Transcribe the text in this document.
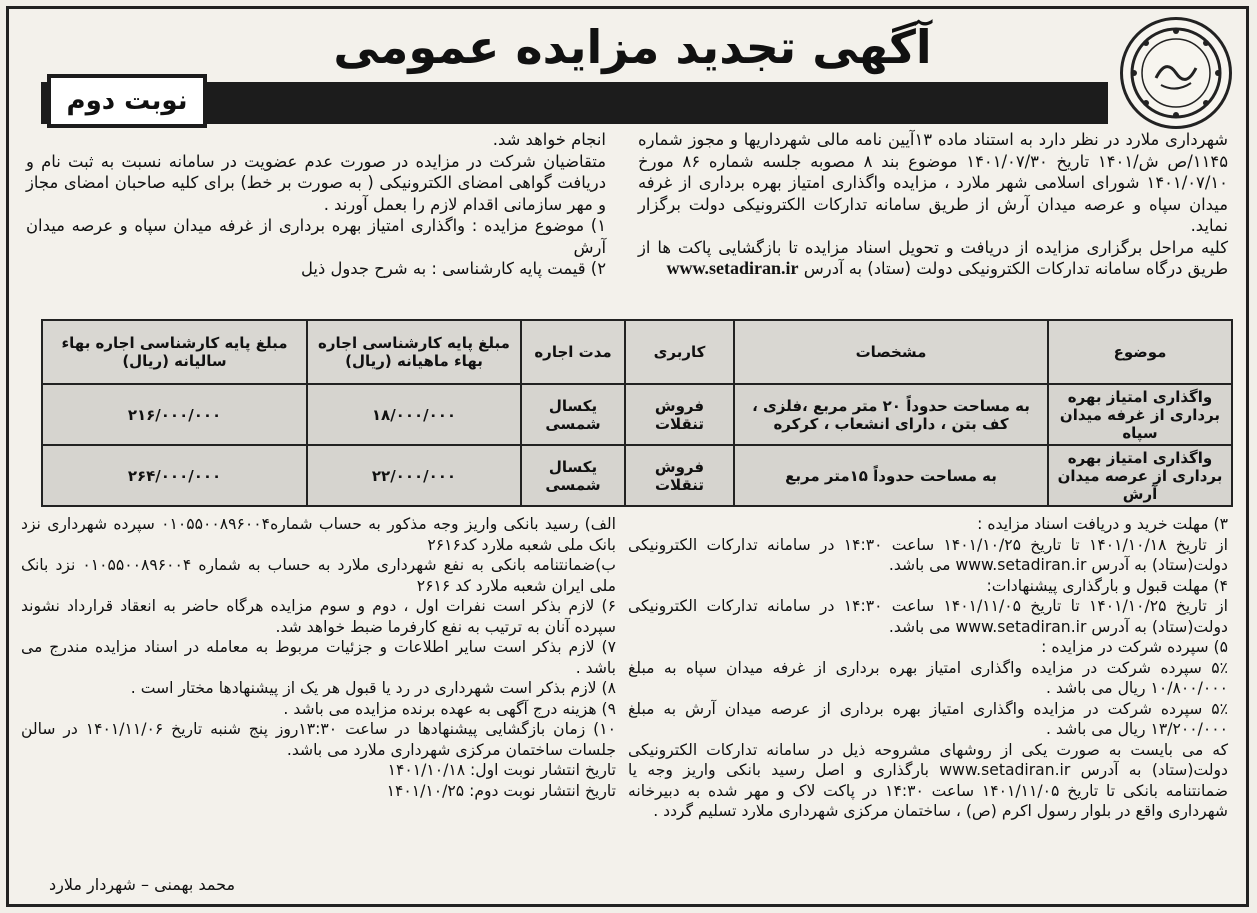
آگهی تجدید مزایده عمومی
نوبت دوم

شهرداری ملارد در نظر دارد به استناد ماده ۱۳آیین نامه مالی شهرداریها و مجوز شماره ۱۱۴۵/ص ش/۱۴۰۱ تاریخ ۱۴۰۱/۰۷/۳۰ موضوع بند ۸ مصوبه جلسه شماره ۸۶ مورخ ۱۴۰۱/۰۷/۱۰ شورای اسلامی شهر ملارد ، مزایده واگذاری امتیاز بهره برداری از غرفه میدان سپاه و عرصه میدان آرش از طریق سامانه تدارکات الکترونیکی دولت برگزار نماید.

کلیه مراحل برگزاری مزایده از دریافت و تحویل اسناد مزایده تا بازگشایی پاکت ها از طریق درگاه سامانه تدارکات الکترونیکی دولت (ستاد) به آدرس www.setadiran.ir

انجام خواهد شد.

متقاضیان شرکت در مزایده در صورت عدم عضویت در سامانه نسبت به ثبت نام و دریافت گواهی امضای الکترونیکی ( به صورت بر خط) برای کلیه صاحبان امضای مجاز و مهر سازمانی اقدام لازم را بعمل آورند .

۱) موضوع مزایده : واگذاری امتیاز بهره برداری از غرفه میدان سپاه و عرصه میدان آرش

۲) قیمت پایه کارشناسی : به شرح جدول ذیل

موضوع	مشخصات	کاربری	مدت اجاره	مبلغ پایه کارشناسی اجاره بهاء ماهیانه (ریال)	مبلغ پایه کارشناسی اجاره بهاء سالیانه (ریال)
واگذاری امتیاز بهره برداری از غرفه میدان سپاه	به مساحت حدوداً ۲۰ متر مربع ،فلزی ، کف بتن ، دارای انشعاب ، کرکره	فروش تنقلات	یکسال شمسی	۱۸/۰۰۰/۰۰۰	۲۱۶/۰۰۰/۰۰۰
واگذاری امتیاز بهره برداری از عرصه میدان آرش	به مساحت حدوداً ۱۵متر مربع	فروش تنقلات	یکسال شمسی	۲۲/۰۰۰/۰۰۰	۲۶۴/۰۰۰/۰۰۰

۳) مهلت خرید و دریافت اسناد مزایده :

از تاریخ ۱۴۰۱/۱۰/۱۸ تا تاریخ ۱۴۰۱/۱۰/۲۵ ساعت ۱۴:۳۰ در سامانه تدارکات الکترونیکی دولت(ستاد) به آدرس www.setadiran.ir می باشد.

۴) مهلت قبول و بارگذاری پیشنهادات:

از تاریخ ۱۴۰۱/۱۰/۲۵ تا تاریخ ۱۴۰۱/۱۱/۰۵ ساعت ۱۴:۳۰ در سامانه تدارکات الکترونیکی دولت(ستاد) به آدرس www.setadiran.ir می باشد.

۵) سپرده شرکت در مزایده :

۵٪ سپرده شرکت در مزایده واگذاری امتیاز بهره برداری از غرفه میدان سپاه به مبلغ ۱۰/۸۰۰/۰۰۰ ریال می باشد .

۵٪ سپرده شرکت در مزایده واگذاری امتیاز بهره برداری از عرصه میدان آرش به مبلغ ۱۳/۲۰۰/۰۰۰ ریال می باشد .

که می بایست به صورت یکی از روشهای مشروحه ذیل در سامانه تدارکات الکترونیکی دولت(ستاد) به آدرس www.setadiran.ir بارگذاری و اصل رسید بانکی واریز وجه یا ضمانتنامه بانکی تا تاریخ ۱۴۰۱/۱۱/۰۵ ساعت ۱۴:۳۰ در پاکت لاک و مهر شده به دبیرخانه شهرداری واقع در بلوار رسول اکرم (ص) ، ساختمان مرکزی شهرداری ملارد تسلیم گردد .

الف) رسید بانکی واریز وجه مذکور به حساب شماره۰۱۰۵۵۰۰۸۹۶۰۰۴ سپرده شهرداری نزد بانک ملی شعبه ملارد کد۲۶۱۶

ب)ضمانتنامه بانکی به نفع شهرداری ملارد به حساب به شماره ۰۱۰۵۵۰۰۸۹۶۰۰۴ نزد بانک ملی ایران شعبه ملارد کد ۲۶۱۶

۶) لازم بذکر است نفرات اول ، دوم و سوم مزایده هرگاه حاضر به انعقاد قرارداد نشوند سپرده آنان به ترتیب به نفع کارفرما ضبط خواهد شد.

۷) لازم بذکر است سایر اطلاعات و جزئیات مربوط به معامله در اسناد مزایده مندرج می باشد .

۸) لازم بذکر است شهرداری در رد یا قبول هر یک از پیشنهادها مختار است .

۹) هزینه درج آگهی به عهده برنده مزایده می باشد .

۱۰) زمان بازگشایی پیشنهادها در ساعت ۱۳:۳۰روز پنج شنبه تاریخ ۱۴۰۱/۱۱/۰۶ در سالن جلسات ساختمان مرکزی شهرداری ملارد می باشد.

تاریخ انتشار نوبت اول: ۱۴۰۱/۱۰/۱۸

تاریخ انتشار نوبت دوم: ۱۴۰۱/۱۰/۲۵

محمد بهمنی – شهردار ملارد
